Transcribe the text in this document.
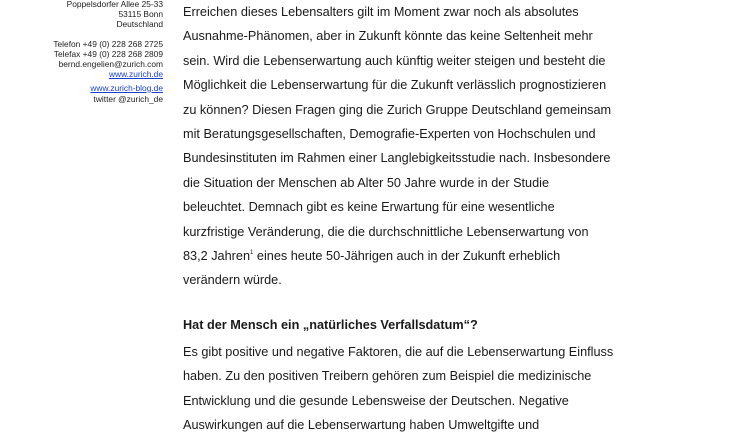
Poppelsdorfer Allee 25-33
53115 Bonn
Deutschland
Telefon +49 (0) 228 268 2725
Telefax +49 (0) 228 268 2809
bernd.engelien@zurich.com
www.zurich.de
www.zurich-blog.de
twitter @zurich_de
Erreichen dieses Lebensalters gilt im Moment zwar noch als absolutes
Ausnahme-Phänomen, aber in Zukunft könnte das keine Seltenheit mehr
sein. Wird die Lebenserwartung auch künftig weiter steigen und besteht die
Möglichkeit die Lebenserwartung für die Zukunft verlässlich prognostizieren
zu können? Diesen Fragen ging die Zurich Gruppe Deutschland gemeinsam
mit Beratungsgesellschaften, Demografie-Experten von Hochschulen und
Bundesinstituten im Rahmen einer Langlebigkeitsstudie nach. Insbesondere
die Situation der Menschen ab Alter 50 Jahre wurde in der Studie
beleuchtet. Demnach gibt es keine Erwartung für eine wesentliche
kurzfristige Veränderung, die die durchschnittliche Lebenserwartung von
83,2 Jahren$^1$ eines heute 50-Jährigen auch in der Zukunft erheblich
verändern würde.
Hat der Mensch ein „natürliches Verfallsdatum“?
Es gibt positive und negative Faktoren, die auf die Lebenserwartung Einfluss
haben. Zu den positiven Treibern gehören zum Beispiel die medizinische
Entwicklung und die gesunde Lebensweise der Deutschen. Negative
Auswirkungen auf die Lebenserwartung haben Umweltgifte und
